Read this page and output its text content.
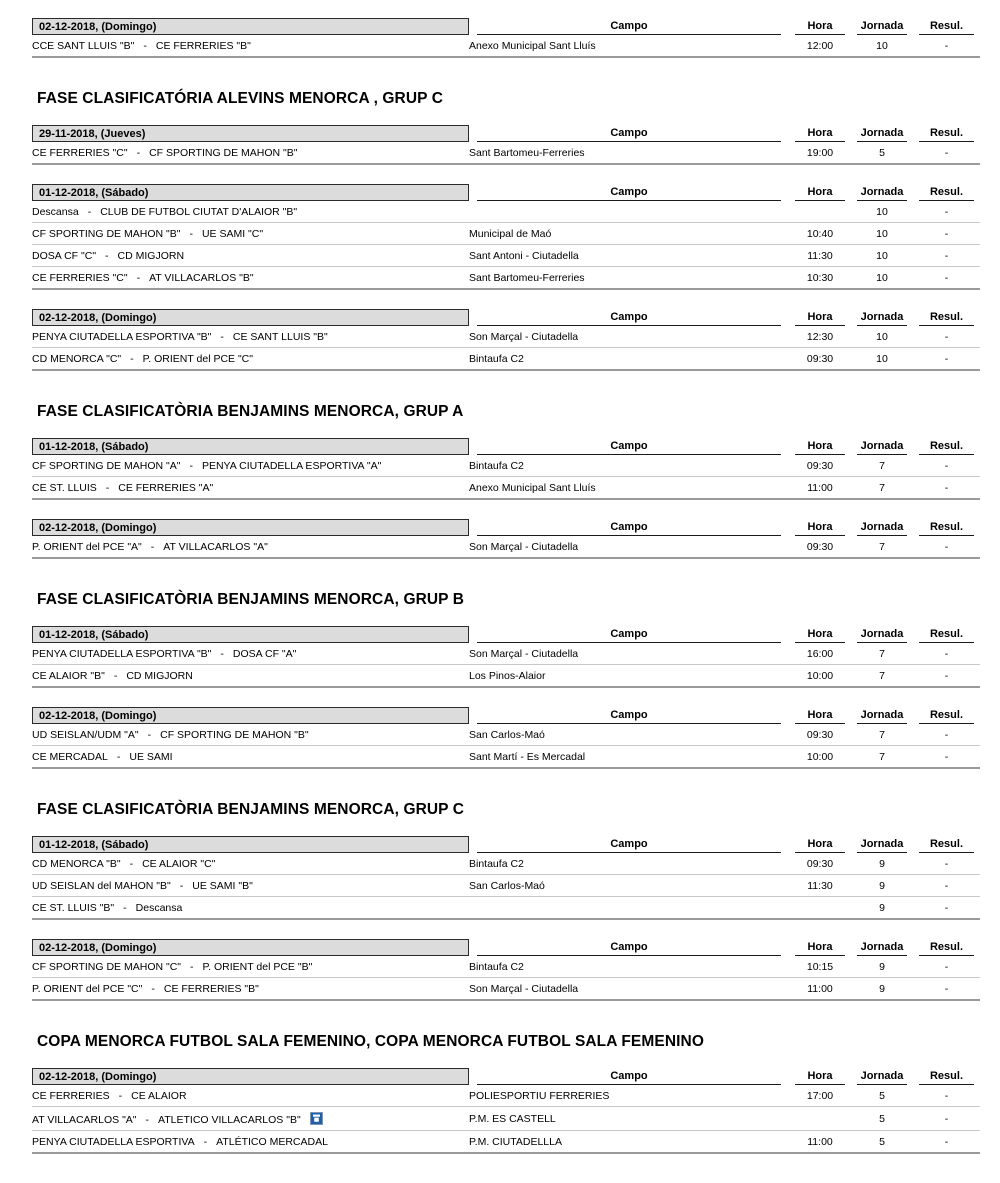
02-12-2018, (Domingo)	Campo	Hora	Jornada	Resul.

CCE SANT LLUIS "B" - CE FERRERIES "B"	Anexo Municipal Sant Lluís	12:00	10	-
FASE CLASIFICATÓRIA ALEVINS MENORCA , GRUP C
29-11-2018, (Jueves)	Campo	Hora	Jornada	Resul.

CE FERRERIES "C" - CF SPORTING DE MAHON "B"	Sant Bartomeu-Ferreries	19:00	5	-
01-12-2018, (Sábado)	Campo	Hora	Jornada	Resul.

Descansa - CLUB DE FUTBOL CIUTAT D'ALAIOR "B"			10	-
CF SPORTING DE MAHON "B" - UE SAMI "C"	Municipal de Maó	10:40	10	-
DOSA CF "C" - CD MIGJORN	Sant Antoni - Ciutadella	11:30	10	-
CE FERRERIES "C" - AT VILLACARLOS "B"	Sant Bartomeu-Ferreries	10:30	10	-
02-12-2018, (Domingo)	Campo	Hora	Jornada	Resul.

PENYA CIUTADELLA ESPORTIVA "B" - CE SANT LLUIS "B"	Son Marçal - Ciutadella	12:30	10	-
CD MENORCA "C" - P. ORIENT del PCE "C"	Bintaufa C2	09:30	10	-
FASE CLASIFICATÒRIA BENJAMINS MENORCA, GRUP A
01-12-2018, (Sábado)	Campo	Hora	Jornada	Resul.

CF SPORTING DE MAHON "A" - PENYA CIUTADELLA ESPORTIVA "A"	Bintaufa C2	09:30	7	-
CE ST. LLUIS - CE FERRERIES "A"	Anexo Municipal Sant Lluís	11:00	7	-
02-12-2018, (Domingo)	Campo	Hora	Jornada	Resul.

P. ORIENT del PCE "A" - AT VILLACARLOS "A"	Son Marçal - Ciutadella	09:30	7	-
FASE CLASIFICATÒRIA BENJAMINS MENORCA, GRUP B
01-12-2018, (Sábado)	Campo	Hora	Jornada	Resul.

PENYA CIUTADELLA ESPORTIVA "B" - DOSA CF "A"	Son Marçal - Ciutadella	16:00	7	-
CE ALAIOR "B" - CD MIGJORN	Los Pinos-Alaior	10:00	7	-
02-12-2018, (Domingo)	Campo	Hora	Jornada	Resul.

UD SEISLAN/UDM "A" - CF SPORTING DE MAHON "B"	San Carlos-Maó	09:30	7	-
CE MERCADAL - UE SAMI	Sant Martí - Es Mercadal	10:00	7	-
FASE CLASIFICATÒRIA BENJAMINS MENORCA, GRUP C
01-12-2018, (Sábado)	Campo	Hora	Jornada	Resul.

CD MENORCA "B" - CE ALAIOR "C"	Bintaufa C2	09:30	9	-
UD SEISLAN del MAHON "B" - UE SAMI "B"	San Carlos-Maó	11:30	9	-
CE ST. LLUIS "B" - Descansa			9	-
02-12-2018, (Domingo)	Campo	Hora	Jornada	Resul.

CF SPORTING DE MAHON "C" - P. ORIENT del PCE "B"	Bintaufa C2	10:15	9	-
P. ORIENT del PCE "C" - CE FERRERIES "B"	Son Marçal - Ciutadella	11:00	9	-
COPA MENORCA FUTBOL SALA FEMENINO, COPA MENORCA FUTBOL SALA FEMENINO
02-12-2018, (Domingo)	Campo	Hora	Jornada	Resul.

CE FERRERIES - CE ALAIOR	POLIESPORTIU FERRERIES	17:00	5	-
AT VILLACARLOS "A" - ATLETICO VILLACARLOS "B"	P.M. ES CASTELL		5	-
PENYA CIUTADELLA ESPORTIVA - ATLÉTICO MERCADAL	P.M. CIUTADELLLA	11:00	5	-
